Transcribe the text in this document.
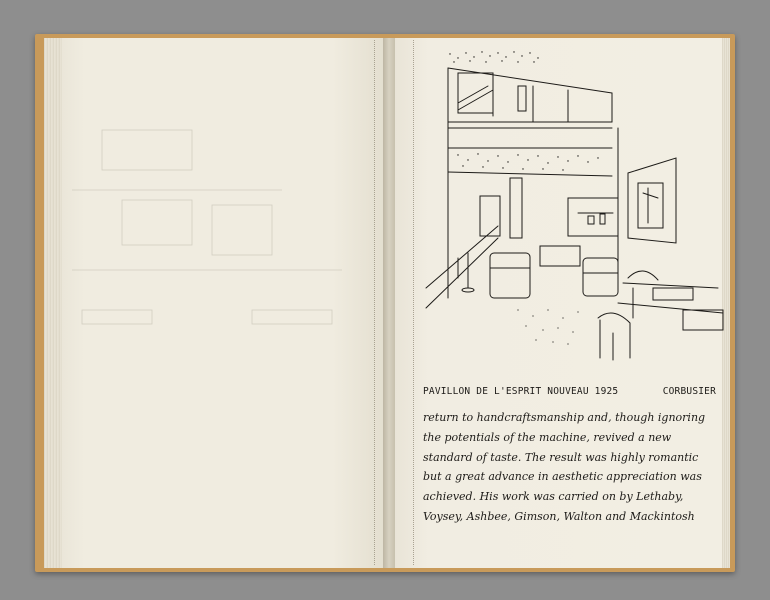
PAVILLON DE L'ESPRIT NOUVEAU 1925	CORBUSIER
return to handcraftsmanship and, though ignoring
the potentials of the machine, revived a new
standard of taste. The result was highly romantic
but a great advance in aesthetic appreciation was
achieved. His work was carried on by Lethaby,
Voysey, Ashbee, Gimson, Walton and Mackintosh
